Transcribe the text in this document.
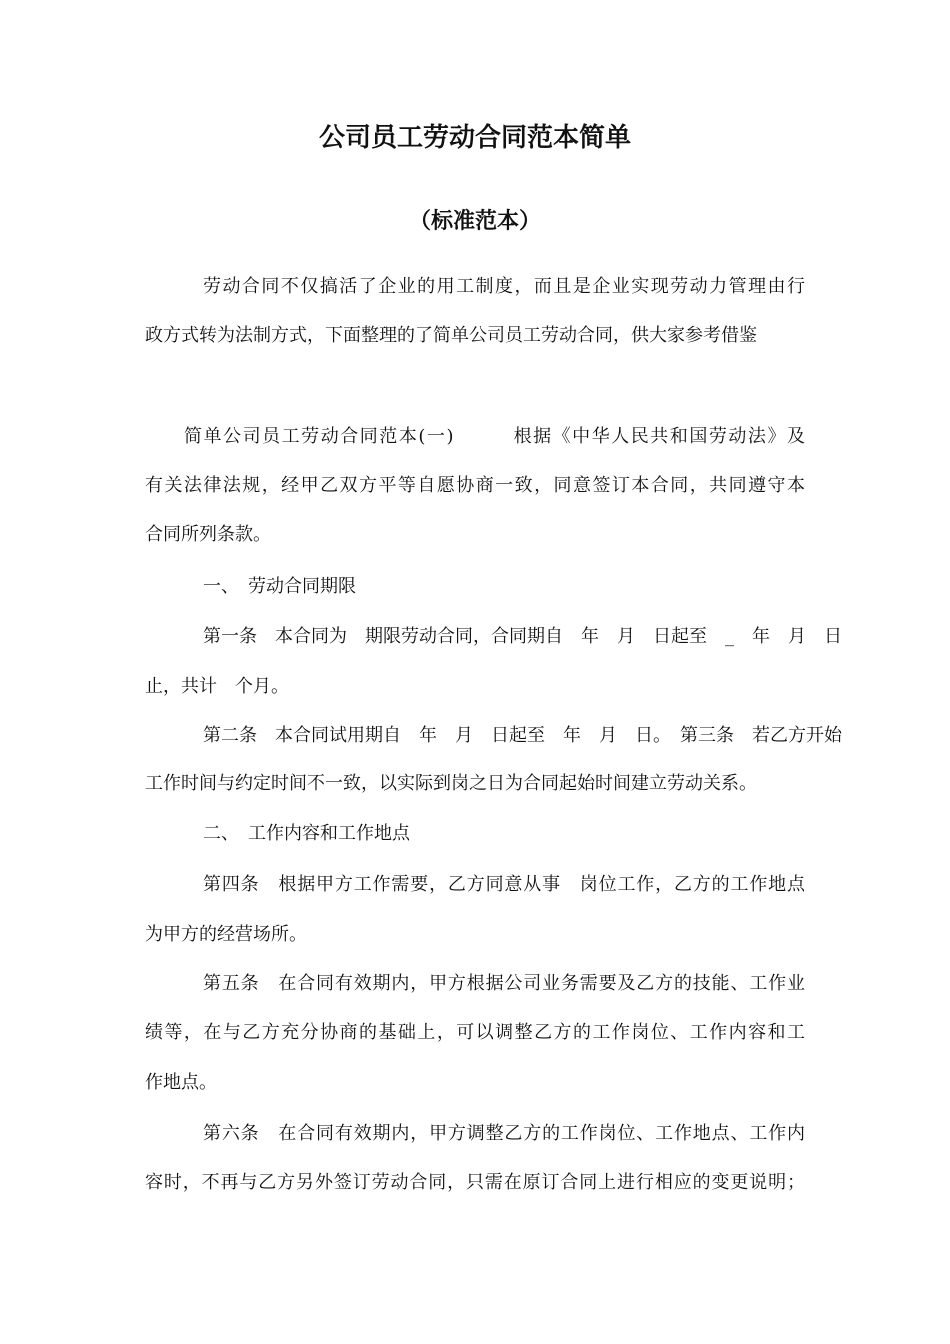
公司员工劳动合同范本简单
（标准范本）
劳动合同不仅搞活了企业的用工制度，而且是企业实现劳动力管理由行
政方式转为法制方式，下面整理的了简单公司员工劳动合同，供大家参考借鉴
简单公司员工劳动合同范本(一)　　　根据《中华人民共和国劳动法》及
有关法律法规，经甲乙双方平等自愿协商一致，同意签订本合同，共同遵守本
合同所列条款。
一、　劳动合同期限
第一条　本合同为　期限劳动合同，合同期自　年　月　日起至　_　年　月　日
止，共计　个月。
第二条　本合同试用期自　年　月　日起至　年　月　日。　第三条　若乙方开始
工作时间与约定时间不一致，以实际到岗之日为合同起始时间建立劳动关系。
二、　工作内容和工作地点
第四条　根据甲方工作需要，乙方同意从事　岗位工作，乙方的工作地点
为甲方的经营场所。
第五条　在合同有效期内，甲方根据公司业务需要及乙方的技能、工作业
绩等，在与乙方充分协商的基础上，可以调整乙方的工作岗位、工作内容和工
作地点。
第六条　在合同有效期内，甲方调整乙方的工作岗位、工作地点、工作内
容时，不再与乙方另外签订劳动合同，只需在原订合同上进行相应的变更说明；
